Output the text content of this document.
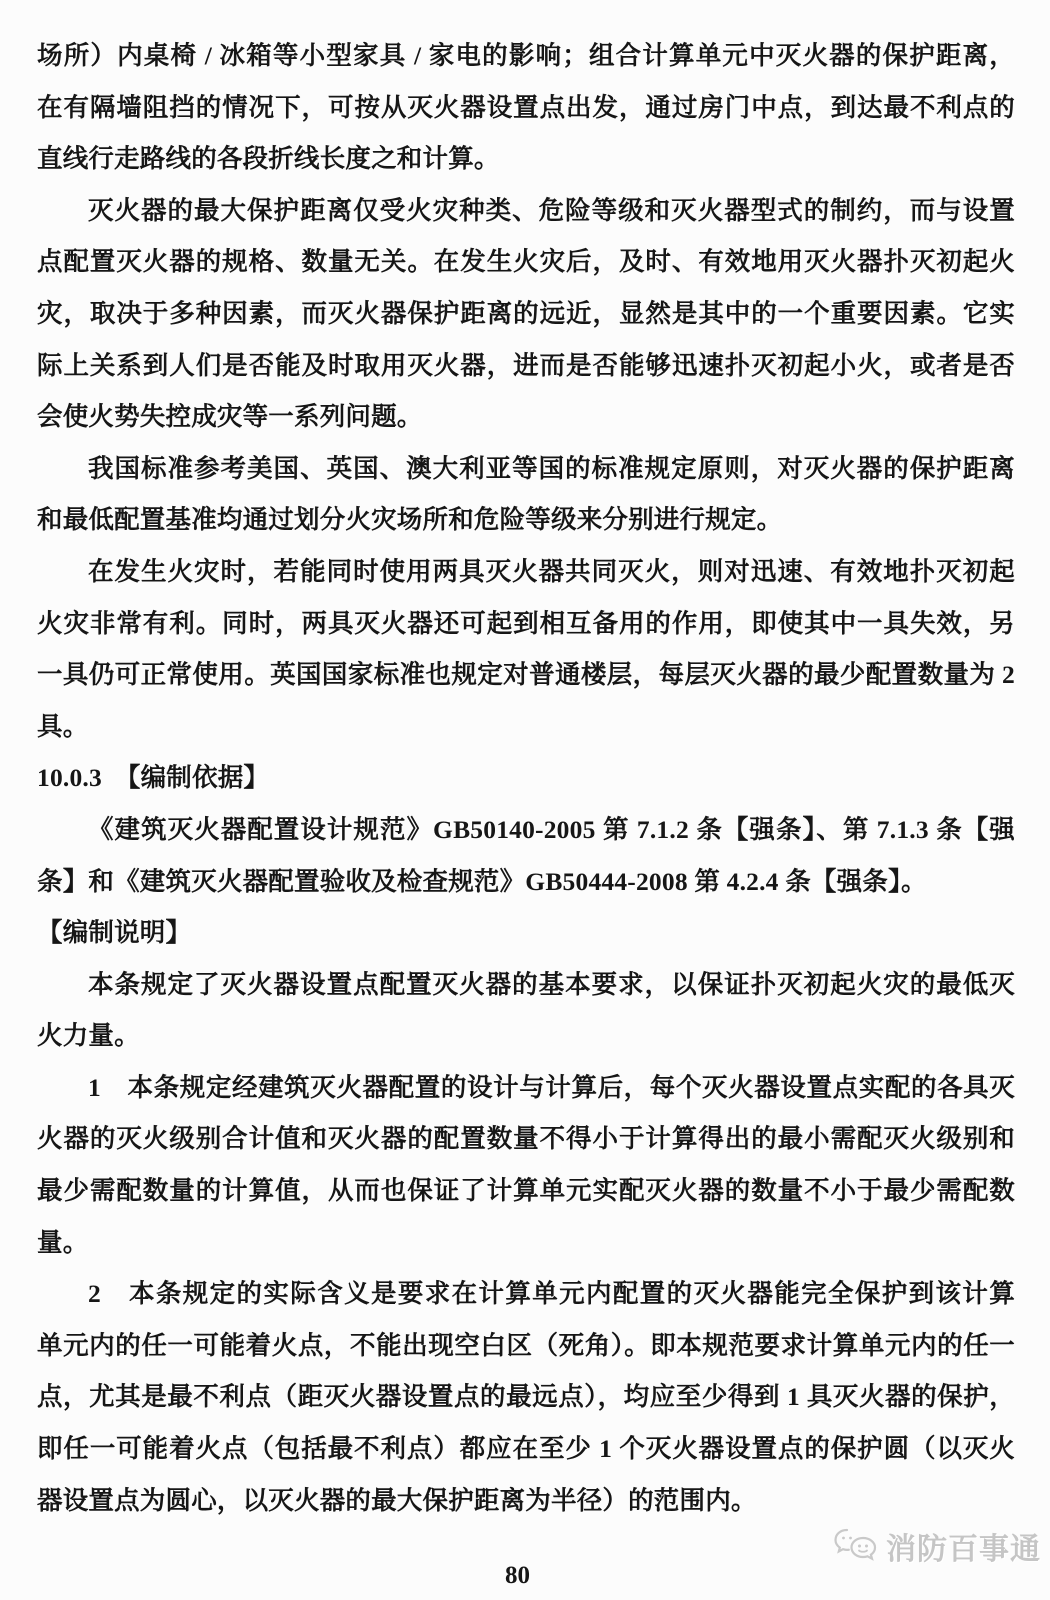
场所）内桌椅 / 冰箱等小型家具 / 家电的影响；组合计算单元中灭火器的保护距离，
在有隔墙阻挡的情况下，可按从灭火器设置点出发，通过房门中点，到达最不利点的
直线行走路线的各段折线长度之和计算。
灭火器的最大保护距离仅受火灾种类、危险等级和灭火器型式的制约，而与设置
点配置灭火器的规格、数量无关。在发生火灾后，及时、有效地用灭火器扑灭初起火
灾，取决于多种因素，而灭火器保护距离的远近，显然是其中的一个重要因素。它实
际上关系到人们是否能及时取用灭火器，进而是否能够迅速扑灭初起小火，或者是否
会使火势失控成灾等一系列问题。
我国标准参考美国、英国、澳大利亚等国的标准规定原则，对灭火器的保护距离
和最低配置基准均通过划分火灾场所和危险等级来分别进行规定。
在发生火灾时，若能同时使用两具灭火器共同灭火，则对迅速、有效地扑灭初起
火灾非常有利。同时，两具灭火器还可起到相互备用的作用，即使其中一具失效，另
一具仍可正常使用。英国国家标准也规定对普通楼层，每层灭火器的最少配置数量为 2
具。
10.0.3　【编制依据】
《建筑灭火器配置设计规范》GB50140-2005 第 7.1.2 条【强条】、第 7.1.3 条【强
条】和《建筑灭火器配置验收及检查规范》GB50444-2008 第 4.2.4 条【强条】。
【编制说明】
本条规定了灭火器设置点配置灭火器的基本要求，以保证扑灭初起火灾的最低灭
火力量。
1　本条规定经建筑灭火器配置的设计与计算后，每个灭火器设置点实配的各具灭
火器的灭火级别合计值和灭火器的配置数量不得小于计算得出的最小需配灭火级别和
最少需配数量的计算值，从而也保证了计算单元实配灭火器的数量不小于最少需配数
量。
2　本条规定的实际含义是要求在计算单元内配置的灭火器能完全保护到该计算
单元内的任一可能着火点，不能出现空白区（死角）。即本规范要求计算单元内的任一
点，尤其是最不利点（距灭火器设置点的最远点），均应至少得到 1 具灭火器的保护，
即任一可能着火点（包括最不利点）都应在至少 1 个灭火器设置点的保护圆（以灭火
器设置点为圆心，以灭火器的最大保护距离为半径）的范围内。
消防百事通
80
